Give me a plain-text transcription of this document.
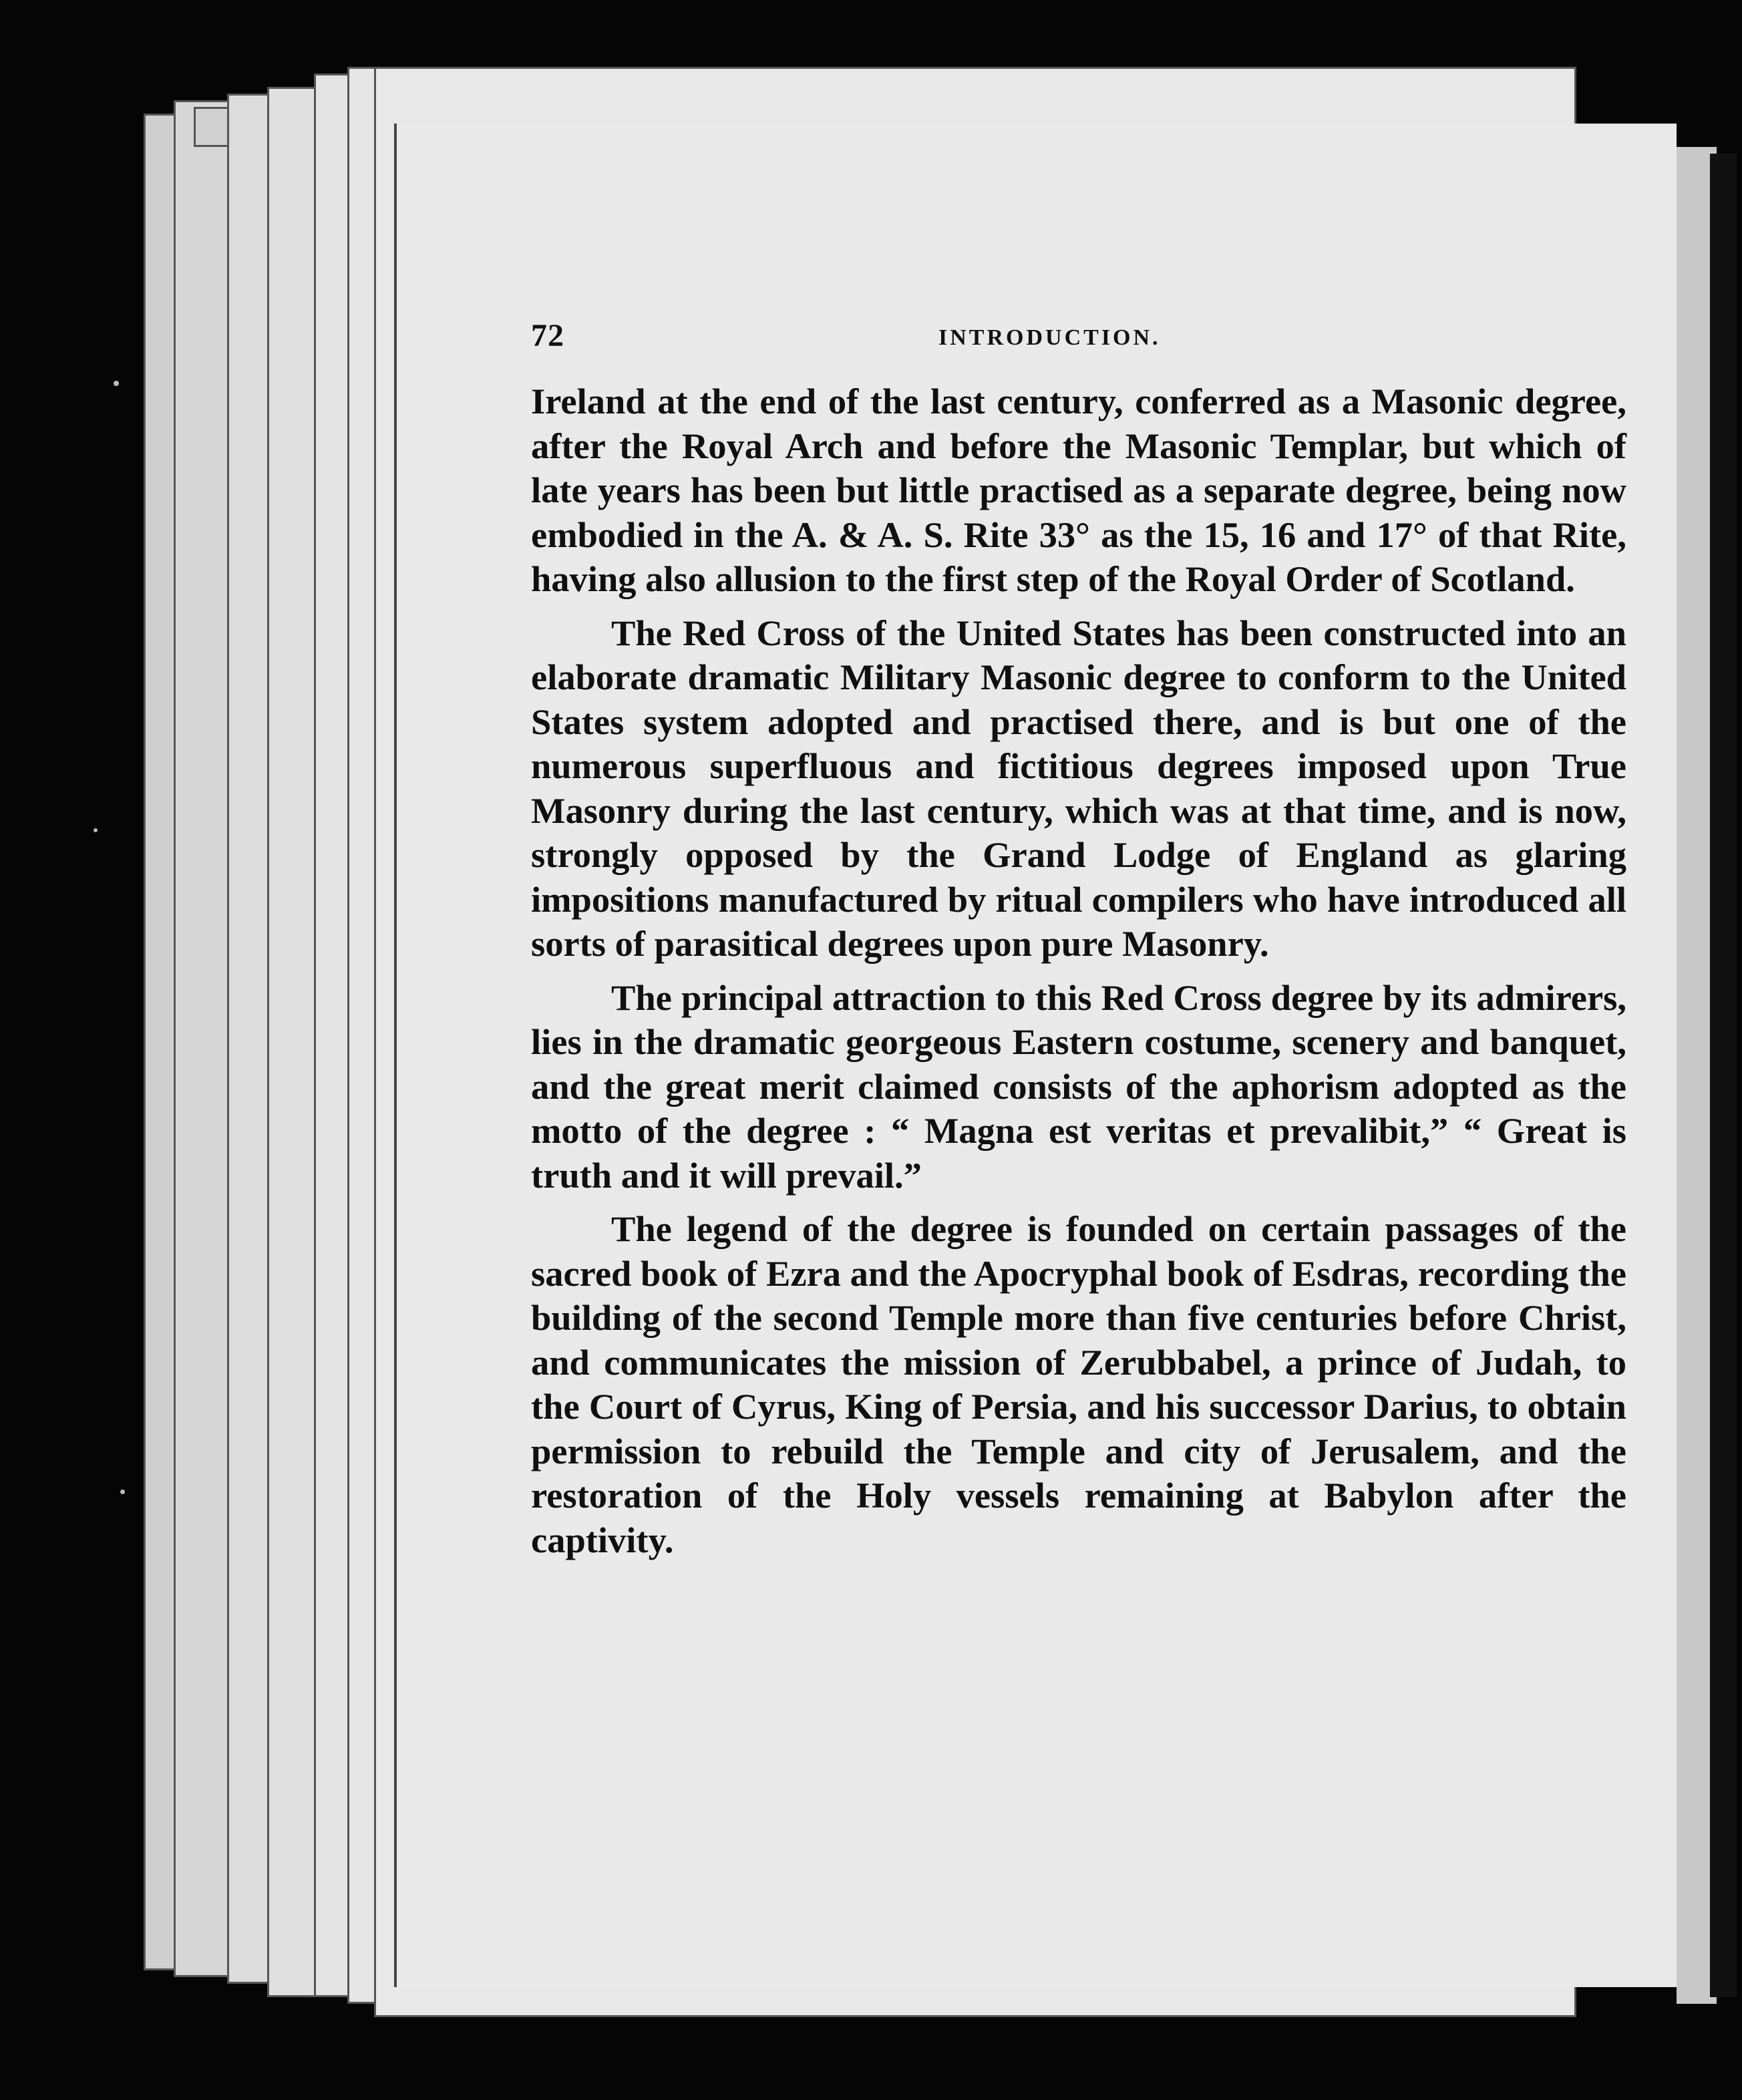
72	INTRODUCTION.

Ireland at the end of the last century, conferred as a Masonic degree, after the Royal Arch and before the Masonic Templar, but which of late years has been but little practised as a separate degree, being now embodied in the A. & A. S. Rite 33° as the 15, 16 and 17° of that Rite, having also allusion to the first step of the Royal Order of Scotland.

The Red Cross of the United States has been constructed into an elaborate dramatic Military Masonic degree to conform to the United States system adopted and practised there, and is but one of the numerous superfluous and fictitious degrees imposed upon True Masonry during the last century, which was at that time, and is now, strongly opposed by the Grand Lodge of England as glaring impositions manufactured by ritual compilers who have introduced all sorts of parasitical degrees upon pure Masonry.

The principal attraction to this Red Cross degree by its admirers, lies in the dramatic georgeous Eastern costume, scenery and banquet, and the great merit claimed consists of the aphorism adopted as the motto of the degree : “ Magna est veritas et prevalibit,” “ Great is truth and it will prevail.”

The legend of the degree is founded on certain passages of the sacred book of Ezra and the Apocryphal book of Esdras, recording the building of the second Temple more than five centuries before Christ, and communicates the mission of Zerubbabel, a prince of Judah, to the Court of Cyrus, King of Persia, and his successor Darius, to obtain permission to rebuild the Temple and city of Jerusalem, and the restoration of the Holy vessels remaining at Babylon after the captivity.
